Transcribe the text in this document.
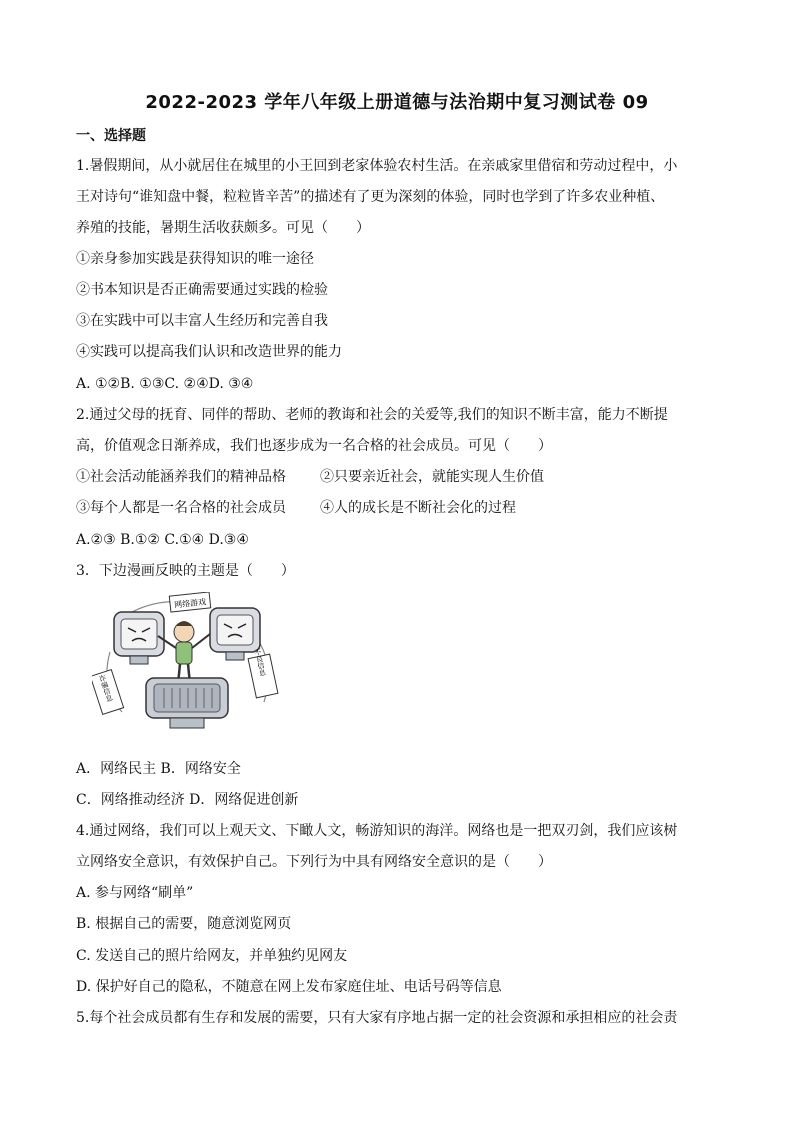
2022-2023 学年八年级上册道德与法治期中复习测试卷 09
一、选择题
1.暑假期间，从小就居住在城里的小王回到老家体验农村生活。在亲戚家里借宿和劳动过程中，小
王对诗句“谁知盘中餐，粒粒皆辛苦”的描述有了更为深刻的体验，同时也学到了许多农业种植、
养殖的技能，暑期生活收获颇多。可见（　　）
①亲身参加实践是获得知识的唯一途径
②书本知识是否正确需要通过实践的检验
③在实践中可以丰富人生经历和完善自我
④实践可以提高我们认识和改造世界的能力
A. ①②B. ①③C. ②④D. ③④
2.通过父母的抚育、同伴的帮助、老师的教诲和社会的关爱等,我们的知识不断丰富，能力不断提
高，价值观念日渐养成，我们也逐步成为一名合格的社会成员。可见（　　）
①社会活动能涵养我们的精神品格	②只要亲近社会，就能实现人生价值
③每个人都是一名合格的社会成员	④人的成长是不断社会化的过程
A.②③ B.①② C.①④ D.③④
3．下边漫画反映的主题是（　　）
网络游戏
诈骗信息
不良信息
A．网络民主 B．网络安全
C．网络推动经济 D．网络促进创新
4.通过网络，我们可以上观天文、下瞰人文，畅游知识的海洋。网络也是一把双刃剑，我们应该树
立网络安全意识，有效保护自己。下列行为中具有网络安全意识的是（　　）
A. 参与网络“刷单”
B. 根据自己的需要，随意浏览网页
C. 发送自己的照片给网友，并单独约见网友
D. 保护好自己的隐私，不随意在网上发布家庭住址、电话号码等信息
5.每个社会成员都有生存和发展的需要，只有大家有序地占据一定的社会资源和承担相应的社会责
